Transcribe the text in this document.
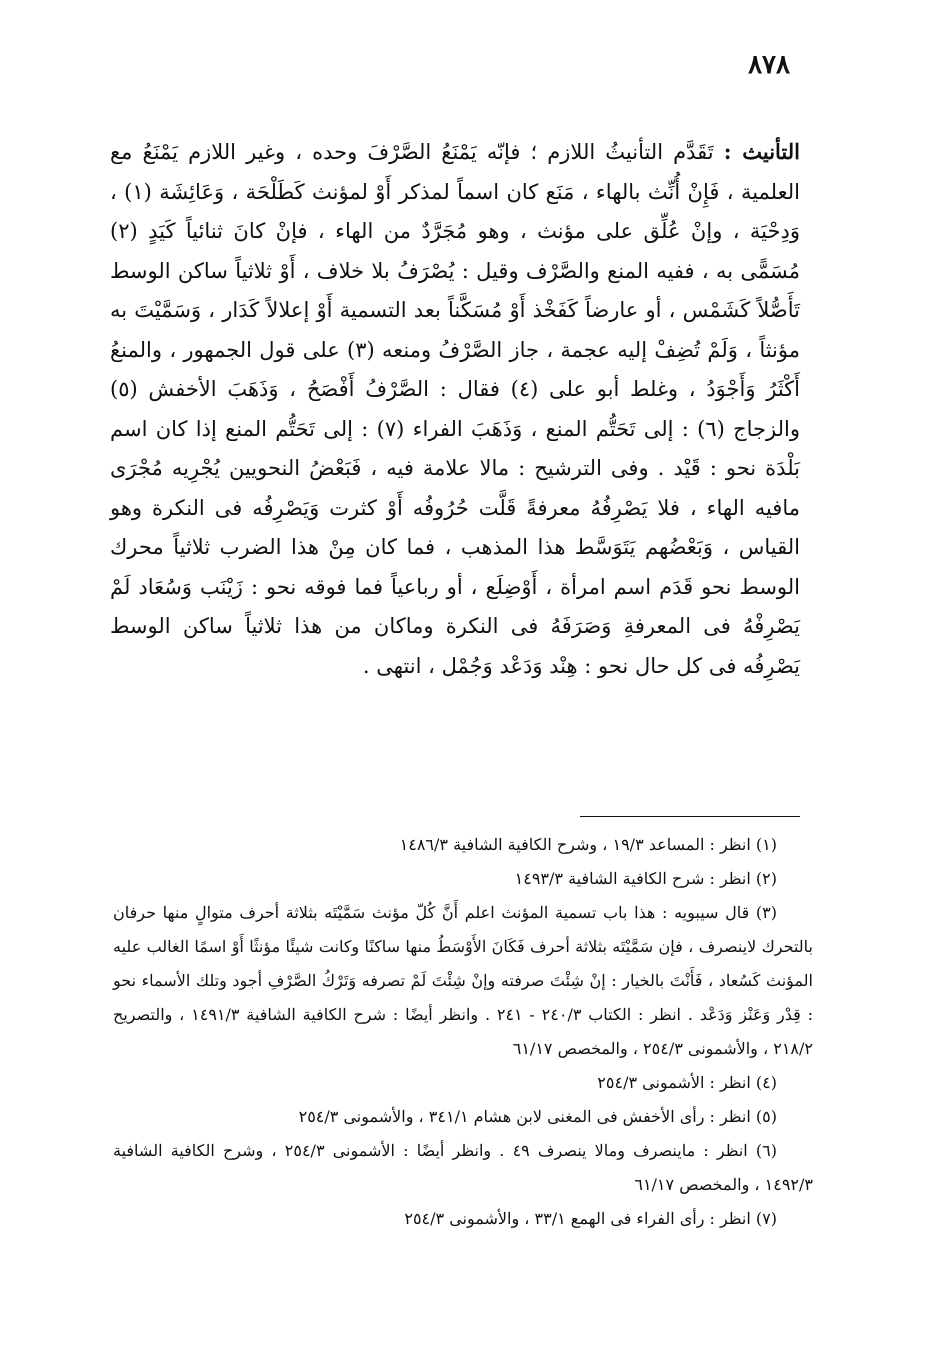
٨٧٨

التأنيث : تَقَدَّم التأنيثُ اللازم ؛ فإنّه يَمْنَعُ الصَّرْفَ وحده ، وغير اللازم يَمْنَعُ مع العلمية ، فَإِنْ أُنِّث بالهاء ، مَنَع كان اسماً لمذكر أَوْ لمؤنث كَطَلْحَة ، وَعَائِشَة (١) ، وَدِحْيَة ، وإنْ عُلِّق على مؤنث ، وهو مُجَرَّدٌ من الهاء ، فإنْ كانَ ثنائياً كَيَدٍ (٢) مُسَمًّى به ، ففيه المنع والصَّرْف وقيل : يُصْرَفُ بلا خلاف ، أَوْ ثلاثياً ساكن الوسط تَأَصُّلاً كَشَمْس ، أو عارضاً كَفَخْذ أَوْ مُسَكَّناً بعد التسمية أَوْ إعلالاً كَدَار ، وَسَمَّيْتَ به مؤنثاً ، وَلَمْ تُضِفْ إليه عجمة ، جاز الصَّرْفُ ومنعه (٣) على قول الجمهور ، والمنعُ أَكْثَرُ وَأَجْوَدُ ، وغلط أبو على (٤) فقال : الصَّرْفُ أَفْصَحُ ، وَذَهَبَ الأخفش (٥) والزجاج (٦) : إلى تَحَتُّم المنع ، وَذَهَبَ الفراء (٧) : إلى تَحَتُّم المنع إذا كان اسم بَلْدَة نحو : قَيْد . وفى الترشيح : مالا علامة فيه ، فَبَعْضُ النحويين يُجْرِيه مُجْرَى مافيه الهاء ، فلا يَصْرِفُهُ معرفةً قَلَّت حُرُوفُه أَوْ كثرت وَيَصْرِفُه فى النكرة وهو القياس ، وَبَعْضُهم يَتَوَسَّط هذا المذهب ، فما كان مِنْ هذا الضرب ثلاثياً محرك الوسط نحو قَدَم اسم امرأة ، أَوْضِلَع ، أو رباعياً فما فوقه نحو : زَيْنَب وَسُعَاد لَمْ يَصْرِفْهُ فى المعرفةِ وَصَرَفَهُ فى النكرة وماكان من هذا ثلاثياً ساكن الوسط يَصْرِفُه فى كل حال نحو : هِنْد وَدَعْد وَجُمْل ، انتهى .

(١) انظر : المساعد ١٩/٣ ، وشرح الكافية الشافية ١٤٨٦/٣
(٢) انظر : شرح الكافية الشافية ١٤٩٣/٣
(٣) قال سيبويه : هذا باب تسمية المؤنث اعلم أَنَّ كُلّ مؤنث سَمَّيْتَه بثلاثة أحرف متوالٍ منها حرفان بالتحرك لاينصرف ، فإن سَمَّيْتَه بثلاثة أحرف فَكَانَ الأَوْسَطُ منها ساكنًا وكانت شيئًا مؤنثًا أَوْ اسمًا الغالب عليه المؤنث كَسُعاد ، فَأَنْتَ بالخيار : إنْ شِئْتَ صرفته وإنْ شِئْتَ لَمْ تصرفه وَتَرْكُ الصَّرْفِ أجود وتلك الأسماء نحو : قِدْر وَعَنْز وَدَعْد . انظر : الكتاب ٢٤٠/٣ - ٢٤١ . وانظر أيضًا : شرح الكافية الشافية ١٤٩١/٣ ، والتصريح ٢١٨/٢ ، والأشمونى ٢٥٤/٣ ، والمخصص ٦١/١٧
(٤) انظر : الأشمونى ٢٥٤/٣
(٥) انظر : رأى الأخفش فى المغنى لابن هشام ٣٤١/١ ، والأشمونى ٢٥٤/٣
(٦) انظر : ماينصرف ومالا ينصرف ٤٩ . وانظر أيضًا : الأشمونى ٢٥٤/٣ ، وشرح الكافية الشافية ١٤٩٢/٣ ، والمخصص ٦١/١٧
(٧) انظر : رأى الفراء فى الهمع ٣٣/١ ، والأشمونى ٢٥٤/٣
